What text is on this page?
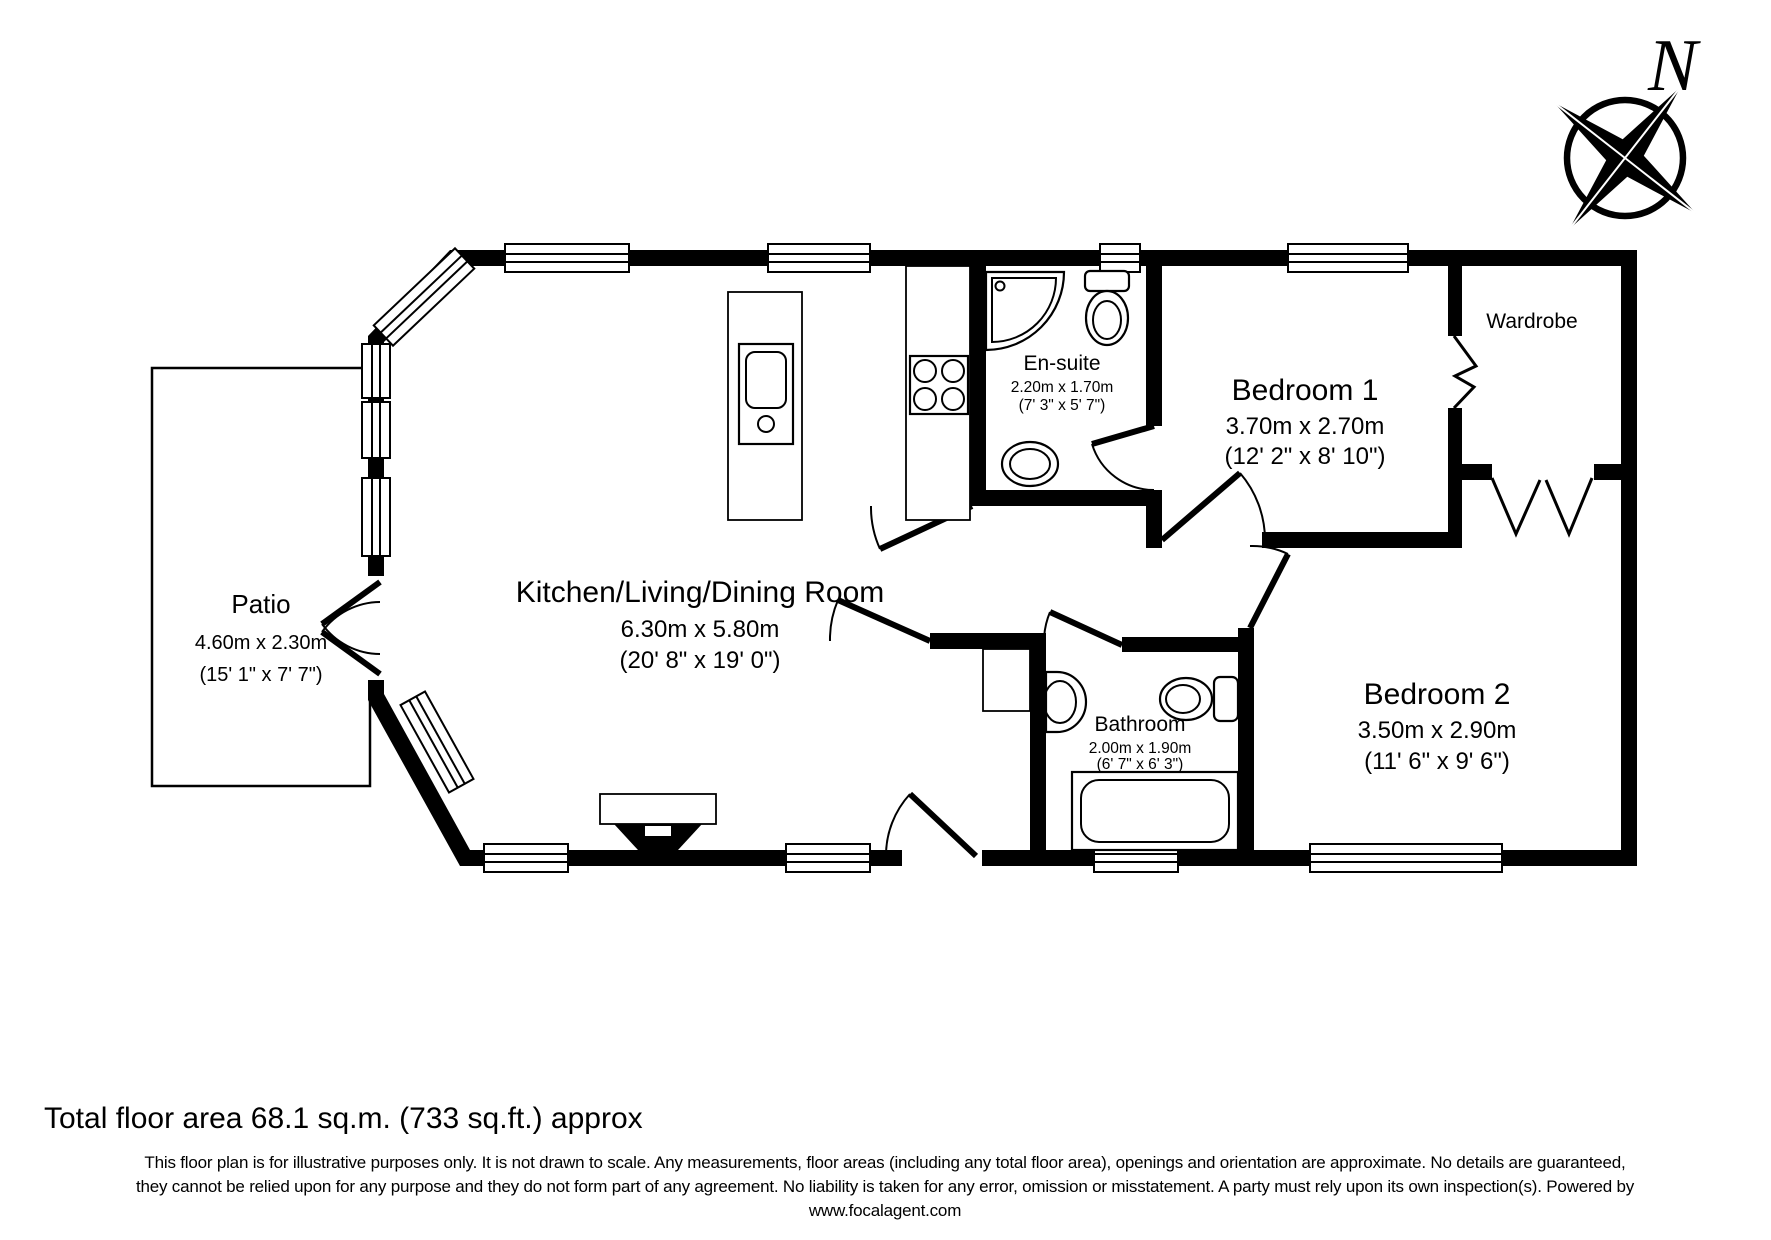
N
Patio
4.60m x 2.30m
(15' 1" x 7' 7")
Kitchen/Living/Dining Room
6.30m x 5.80m
(20' 8" x 19' 0")
En-suite
2.20m x 1.70m
(7' 3" x 5' 7")	Bedroom 1
3.70m x 2.70m
(12' 2" x 8' 10")
Wardrobe
Bathroom
2.00m x 1.90m
(6' 7" x 6' 3")
Bedroom 2
3.50m x 2.90m
(11' 6" x 9' 6")
Total floor area 68.1 sq.m. (733 sq.ft.) approx
This floor plan is for illustrative purposes only. It is not drawn to scale. Any measurements, floor areas (including any total floor area), openings and orientation are approximate. No details are guaranteed,
they cannot be relied upon for any purpose and they do not form part of any agreement. No liability is taken for any error, omission or misstatement. A party must rely upon its own inspection(s). Powered by
www.focalagent.com
